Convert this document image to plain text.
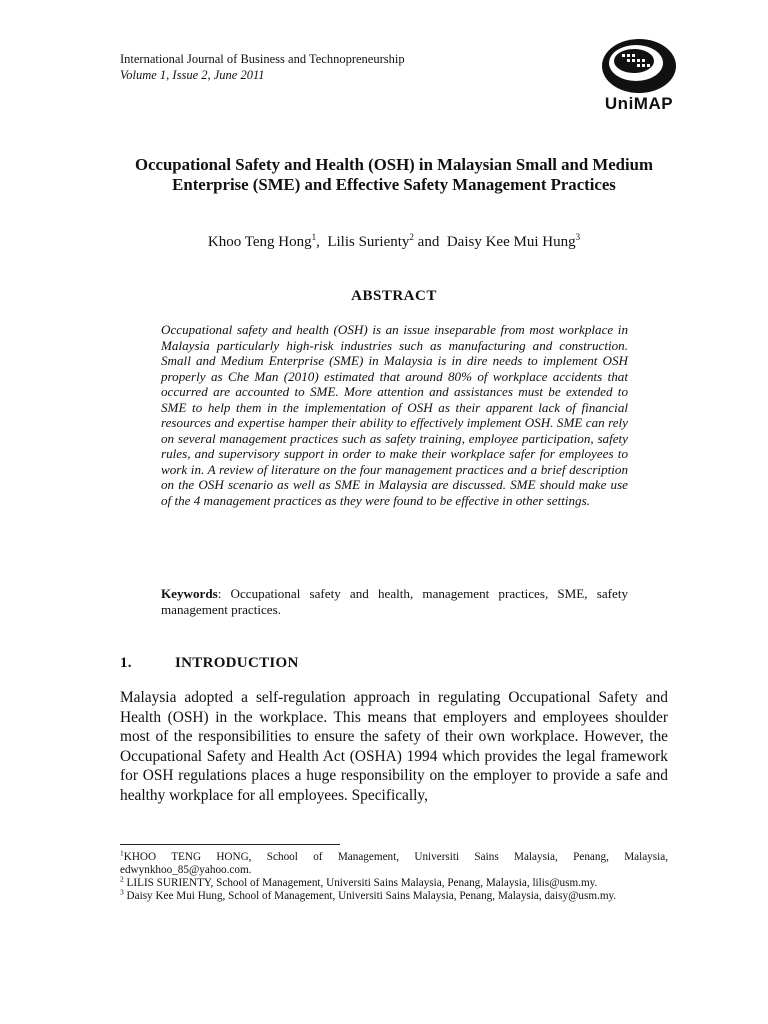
International Journal of Business and Technopreneurship
Volume 1, Issue 2, June 2011
UniMAP
Occupational Safety and Health (OSH) in Malaysian Small and Medium Enterprise (SME) and Effective Safety Management Practices
Khoo Teng Hong$^1$,  Lilis Surienty$^2$ and  Daisy Kee Mui Hung$^3$
ABSTRACT
Occupational safety and health (OSH) is an issue inseparable from most workplace in Malaysia particularly high-risk industries such as manufacturing and construction. Small and Medium Enterprise (SME) in Malaysia is in dire needs to implement OSH properly as Che Man (2010) estimated that around 80% of workplace accidents that occurred are accounted to SME. More attention and assistances must be extended to SME to help them in the implementation of OSH as their apparent lack of financial resources and expertise hamper their ability to effectively implement OSH. SME can rely on several management practices such as safety training, employee participation, safety rules, and supervisory support in order to make their workplace safer for employees to work in. A review of literature on the four management practices and a brief description on the OSH scenario as well as SME in Malaysia are discussed. SME should make use of the 4 management practices as they were found to be effective in other settings.
Keywords: Occupational safety and health, management practices, SME, safety management practices.
1.	INTRODUCTION
Malaysia adopted a self-regulation approach in regulating Occupational Safety and Health (OSH) in the workplace. This means that employers and employees shoulder most of the responsibilities to ensure the safety of their own workplace. However, the Occupational Safety and Health Act (OSHA) 1994 which provides the legal framework for OSH regulations places a huge responsibility on the employer to provide a safe and healthy workplace for all employees. Specifically,

$^1$KHOO TENG HONG, School of Management, Universiti Sains Malaysia, Penang, Malaysia, edwynkhoo_85@yahoo.com.

$^2$ LILIS SURIENTY, School of Management, Universiti Sains Malaysia, Penang, Malaysia, lilis@usm.my.

$^3$ Daisy Kee Mui Hung, School of Management, Universiti Sains Malaysia, Penang, Malaysia, daisy@usm.my.
